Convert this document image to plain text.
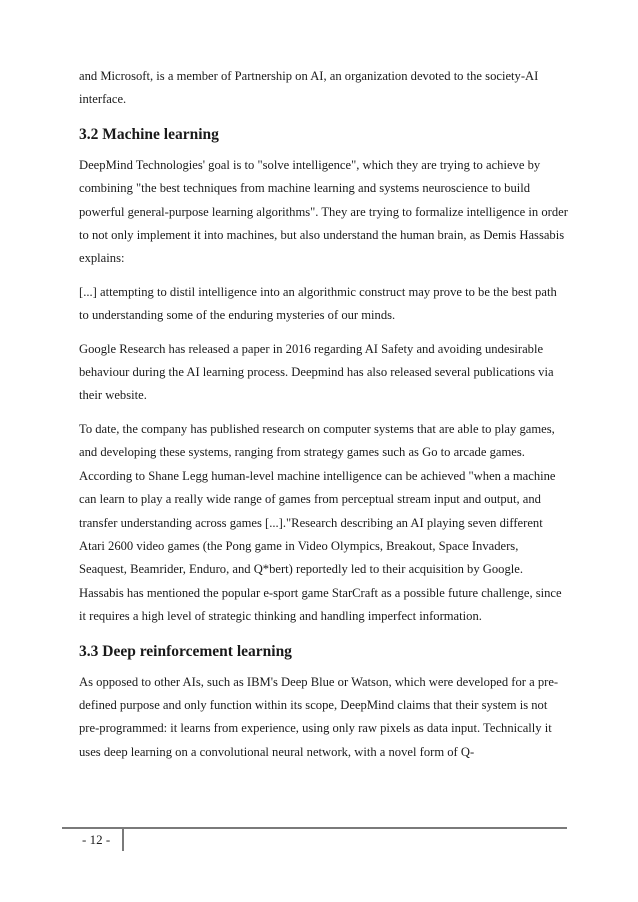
and Microsoft, is a member of Partnership on AI, an organization devoted to the society-AI interface.

3.2 Machine learning

DeepMind Technologies' goal is to "solve intelligence", which they are trying to achieve by combining "the best techniques from machine learning and systems neuroscience to build powerful general-purpose learning algorithms". They are trying to formalize intelligence in order to not only implement it into machines, but also understand the human brain, as Demis Hassabis explains:

[...] attempting to distil intelligence into an algorithmic construct may prove to be the best path to understanding some of the enduring mysteries of our minds.

Google Research has released a paper in 2016 regarding AI Safety and avoiding undesirable behaviour during the AI learning process. Deepmind has also released several publications via their website.

To date, the company has published research on computer systems that are able to play games, and developing these systems, ranging from strategy games such as Go to arcade games. According to Shane Legg human-level machine intelligence can be achieved "when a machine can learn to play a really wide range of games from perceptual stream input and output, and transfer understanding across games [...]."Research describing an AI playing seven different Atari 2600 video games (the Pong game in Video Olympics, Breakout, Space Invaders, Seaquest, Beamrider, Enduro, and Q*bert) reportedly led to their acquisition by Google. Hassabis has mentioned the popular e-sport game StarCraft as a possible future challenge, since it requires a high level of strategic thinking and handling imperfect information.

3.3 Deep reinforcement learning

As opposed to other AIs, such as IBM's Deep Blue or Watson, which were developed for a pre-defined purpose and only function within its scope, DeepMind claims that their system is not pre-programmed: it learns from experience, using only raw pixels as data input. Technically it uses deep learning on a convolutional neural network, with a novel form of Q-

- 12 -
